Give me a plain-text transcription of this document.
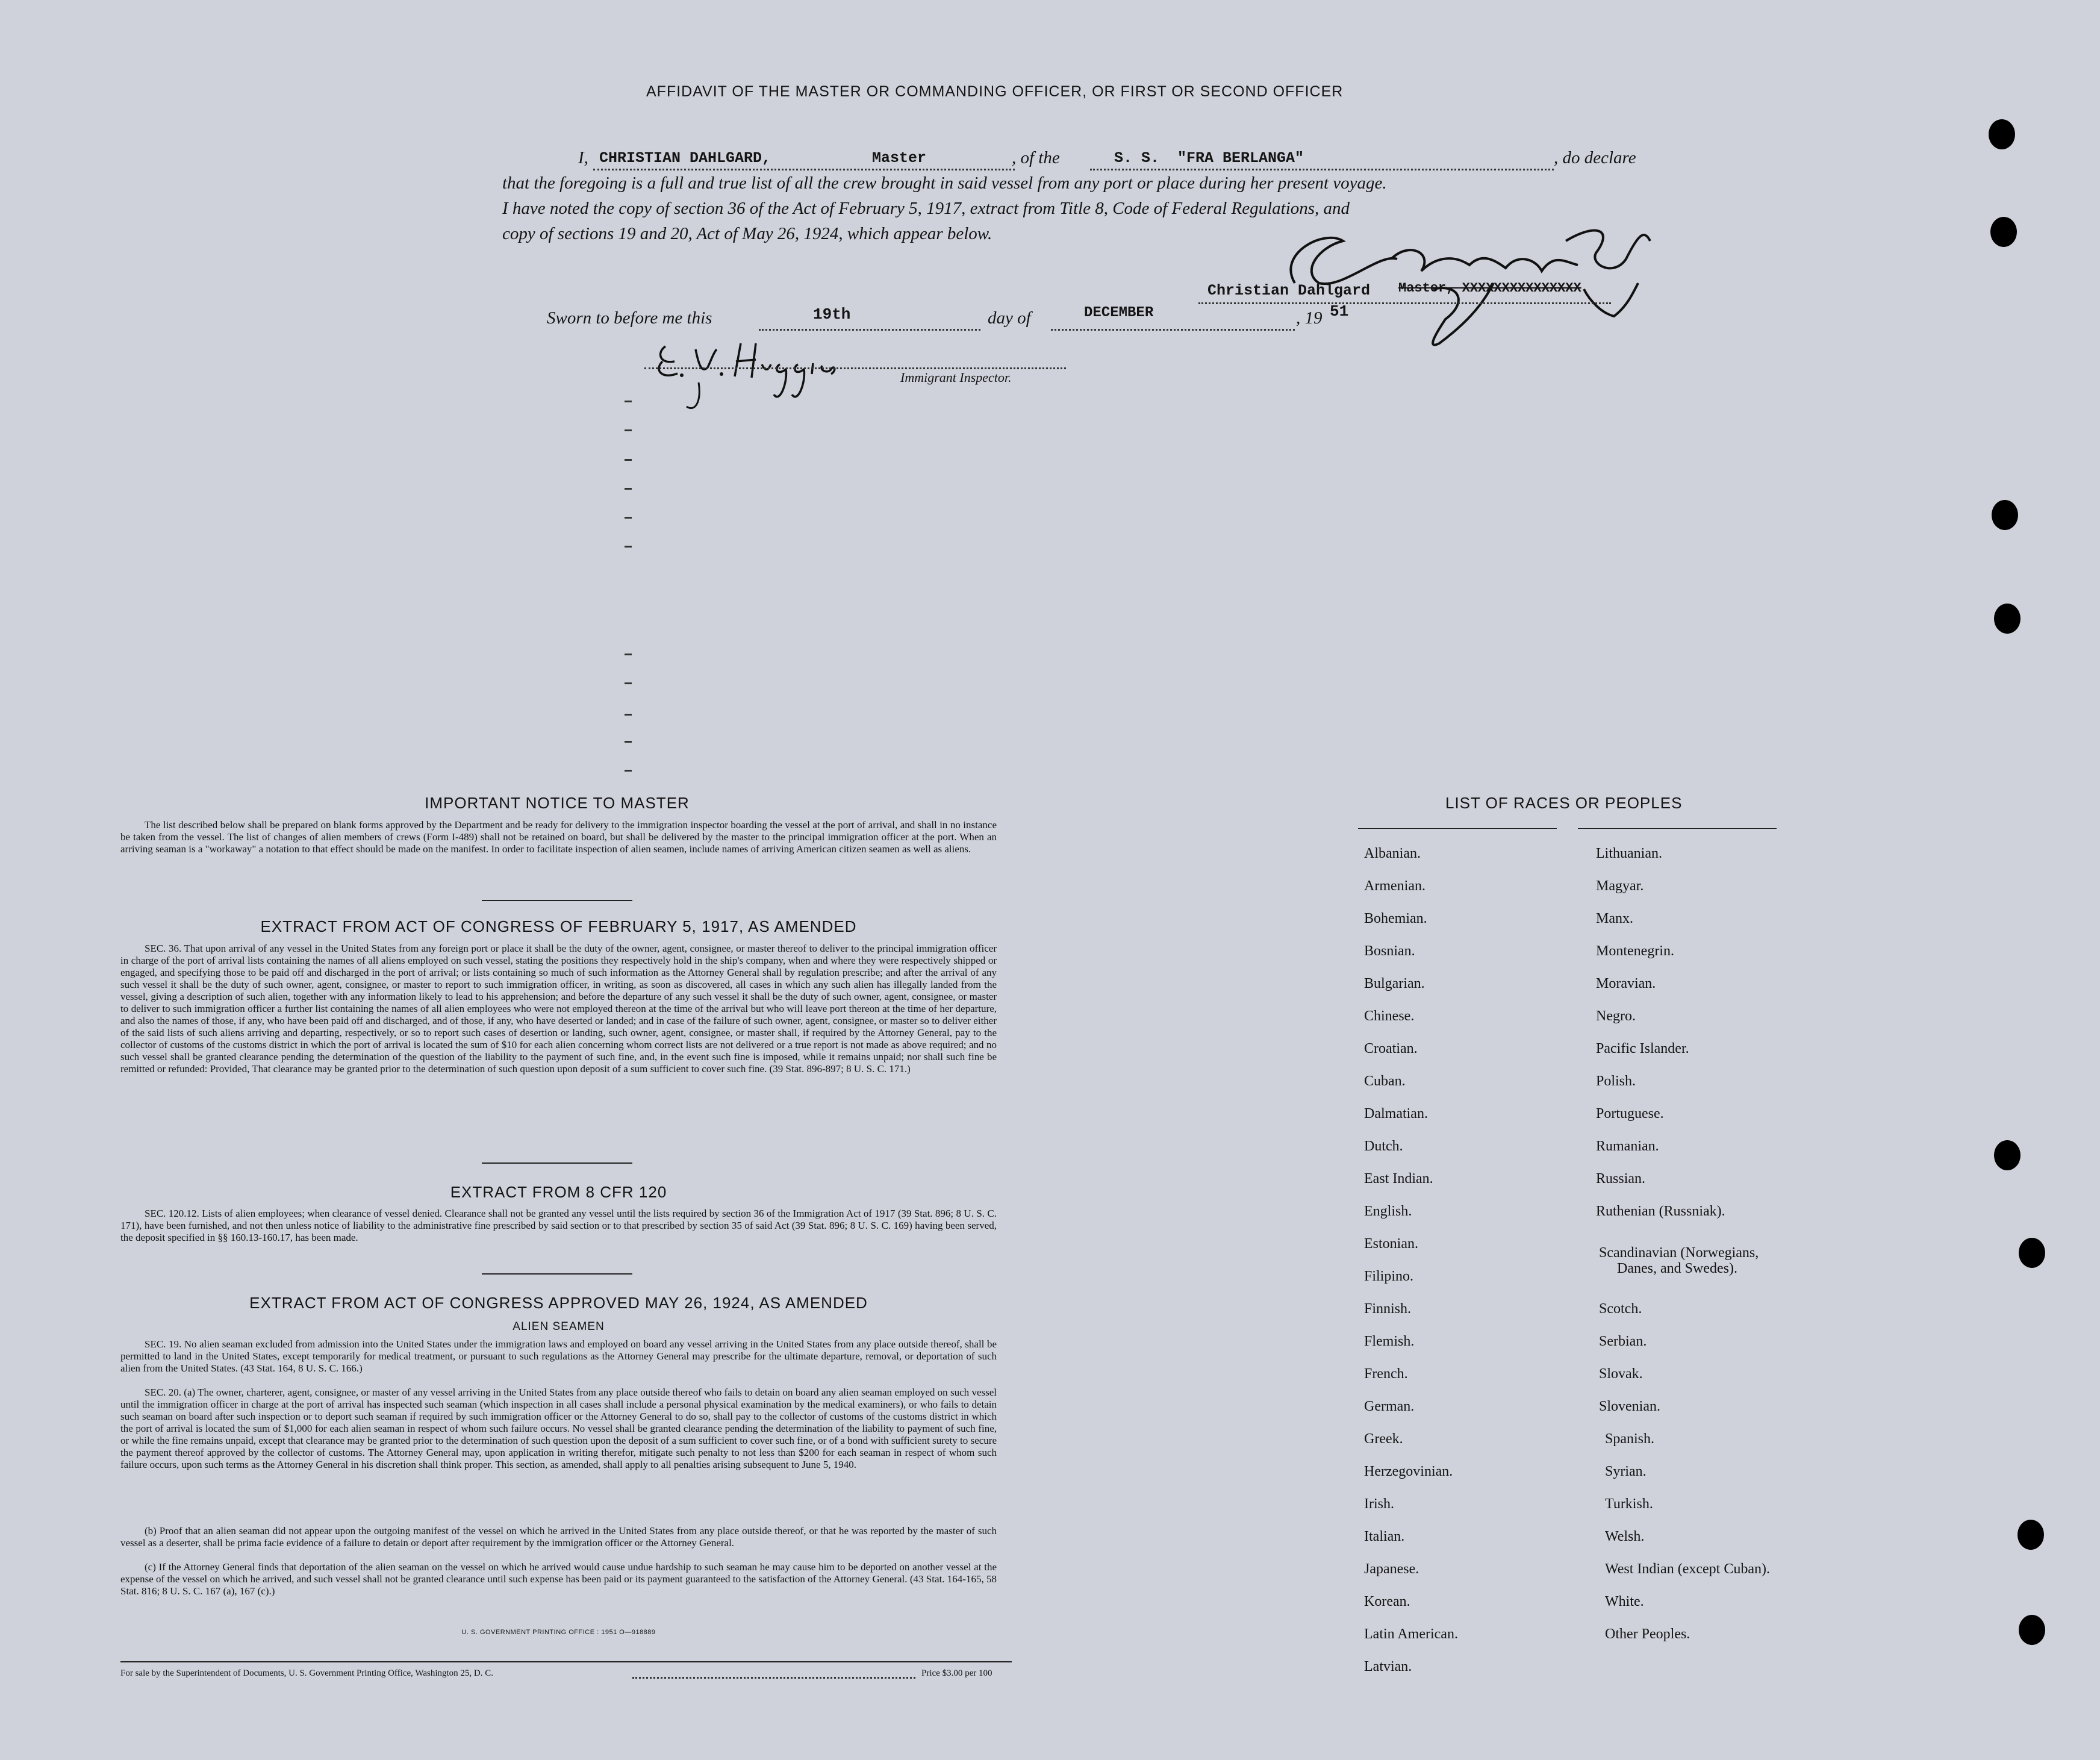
AFFIDAVIT OF THE MASTER OR COMMANDING OFFICER, OR FIRST OR SECOND OFFICER
I, CHRISTIAN DAHLGARD,	Master	, of the	S. S.  "FRA BERLANGA"	, do declare
that the foregoing is a full and true list of all the crew brought in said vessel from any port or place during her present voyage.
I have noted the copy of section 36 of the Act of February 5, 1917, extract from Title 8, Code of Federal Regulations, and
copy of sections 19 and 20, Act of May 26, 1924, which appear below.
Christian Dahlgard Master, XXXXXXXXXXXXXXX
Sworn to before me this	19th	day of	DECEMBER	, 19 51
Immigrant Inspector.
IMPORTANT NOTICE TO MASTER
The list described below shall be prepared on blank forms approved by the Department and be ready for delivery to the immigration inspector boarding the vessel at the port of arrival, and shall in no instance be taken from the vessel. The list of changes of alien members of crews (Form I-489) shall not be retained on board, but shall be delivered by the master to the principal immigration officer at the port. When an arriving seaman is a "workaway" a notation to that effect should be made on the manifest. In order to facilitate inspection of alien seamen, include names of arriving American citizen seamen as well as aliens.
EXTRACT FROM ACT OF CONGRESS OF FEBRUARY 5, 1917, AS AMENDED
SEC. 36. That upon arrival of any vessel in the United States from any foreign port or place it shall be the duty of the owner, agent, consignee, or master thereof to deliver to the principal immigration officer in charge of the port of arrival lists containing the names of all aliens employed on such vessel, stating the positions they respectively hold in the ship's company, when and where they were respectively shipped or engaged, and specifying those to be paid off and discharged in the port of arrival; or lists containing so much of such information as the Attorney General shall by regulation prescribe; and after the arrival of any such vessel it shall be the duty of such owner, agent, consignee, or master to report to such immigration officer, in writing, as soon as discovered, all cases in which any such alien has illegally landed from the vessel, giving a description of such alien, together with any information likely to lead to his apprehension; and before the departure of any such vessel it shall be the duty of such owner, agent, consignee, or master to deliver to such immigration officer a further list containing the names of all alien employees who were not employed thereon at the time of the arrival but who will leave port thereon at the time of her departure, and also the names of those, if any, who have been paid off and discharged, and of those, if any, who have deserted or landed; and in case of the failure of such owner, agent, consignee, or master so to deliver either of the said lists of such aliens arriving and departing, respectively, or so to report such cases of desertion or landing, such owner, agent, consignee, or master shall, if required by the Attorney General, pay to the collector of customs of the customs district in which the port of arrival is located the sum of $10 for each alien concerning whom correct lists are not delivered or a true report is not made as above required; and no such vessel shall be granted clearance pending the determination of the question of the liability to the payment of such fine, and, in the event such fine is imposed, while it remains unpaid; nor shall such fine be remitted or refunded: Provided, That clearance may be granted prior to the determination of such question upon deposit of a sum sufficient to cover such fine. (39 Stat. 896-897; 8 U. S. C. 171.)
EXTRACT FROM 8 CFR 120
SEC. 120.12. Lists of alien employees; when clearance of vessel denied. Clearance shall not be granted any vessel until the lists required by section 36 of the Immigration Act of 1917 (39 Stat. 896; 8 U. S. C. 171), have been furnished, and not then unless notice of liability to the administrative fine prescribed by said section or to that prescribed by section 35 of said Act (39 Stat. 896; 8 U. S. C. 169) having been served, the deposit specified in §§ 160.13-160.17, has been made.
EXTRACT FROM ACT OF CONGRESS APPROVED MAY 26, 1924, AS AMENDED
ALIEN SEAMEN
SEC. 19. No alien seaman excluded from admission into the United States under the immigration laws and employed on board any vessel arriving in the United States from any place outside thereof, shall be permitted to land in the United States, except temporarily for medical treatment, or pursuant to such regulations as the Attorney General may prescribe for the ultimate departure, removal, or deportation of such alien from the United States. (43 Stat. 164, 8 U. S. C. 166.)
SEC. 20. (a) The owner, charterer, agent, consignee, or master of any vessel arriving in the United States from any place outside thereof who fails to detain on board any alien seaman employed on such vessel until the immigration officer in charge at the port of arrival has inspected such seaman (which inspection in all cases shall include a personal physical examination by the medical examiners), or who fails to detain such seaman on board after such inspection or to deport such seaman if required by such immigration officer or the Attorney General to do so, shall pay to the collector of customs of the customs district in which the port of arrival is located the sum of $1,000 for each alien seaman in respect of whom such failure occurs. No vessel shall be granted clearance pending the determination of the liability to payment of such fine, or while the fine remains unpaid, except that clearance may be granted prior to the determination of such question upon the deposit of a sum sufficient to cover such fine, or of a bond with sufficient surety to secure the payment thereof approved by the collector of customs. The Attorney General may, upon application in writing therefor, mitigate such penalty to not less than $200 for each seaman in respect of whom such failure occurs, upon such terms as the Attorney General in his discretion shall think proper. This section, as amended, shall apply to all penalties arising subsequent to June 5, 1940.
(b) Proof that an alien seaman did not appear upon the outgoing manifest of the vessel on which he arrived in the United States from any place outside thereof, or that he was reported by the master of such vessel as a deserter, shall be prima facie evidence of a failure to detain or deport after requirement by the immigration officer or the Attorney General.
(c) If the Attorney General finds that deportation of the alien seaman on the vessel on which he arrived would cause undue hardship to such seaman he may cause him to be deported on another vessel at the expense of the vessel on which he arrived, and such vessel shall not be granted clearance until such expense has been paid or its payment guaranteed to the satisfaction of the Attorney General. (43 Stat. 164-165, 58 Stat. 816; 8 U. S. C. 167 (a), 167 (c).)
U. S. GOVERNMENT PRINTING OFFICE : 1951 O—918889
For sale by the Superintendent of Documents, U. S. Government Printing Office, Washington 25, D. C.	Price $3.00 per 100
LIST OF RACES OR PEOPLES
Albanian.
Armenian.
Bohemian.
Bosnian.
Bulgarian.
Chinese.
Croatian.
Cuban.
Dalmatian.
Dutch.
East Indian.
English.
Estonian.
Filipino.
Finnish.
Flemish.
French.
German.
Greek.
Herzegovinian.
Irish.
Italian.
Japanese.
Korean.
Latin American.
Latvian.
Lithuanian.
Magyar.
Manx.
Montenegrin.
Moravian.
Negro.
Pacific Islander.
Polish.
Portuguese.
Rumanian.
Russian.
Ruthenian (Russniak).
Scandinavian (Norwegians,
Danes, and Swedes).
Scotch.
Serbian.
Slovak.
Slovenian.
Spanish.
Syrian.
Turkish.
Welsh.
West Indian (except Cuban).
White.
Other Peoples.
